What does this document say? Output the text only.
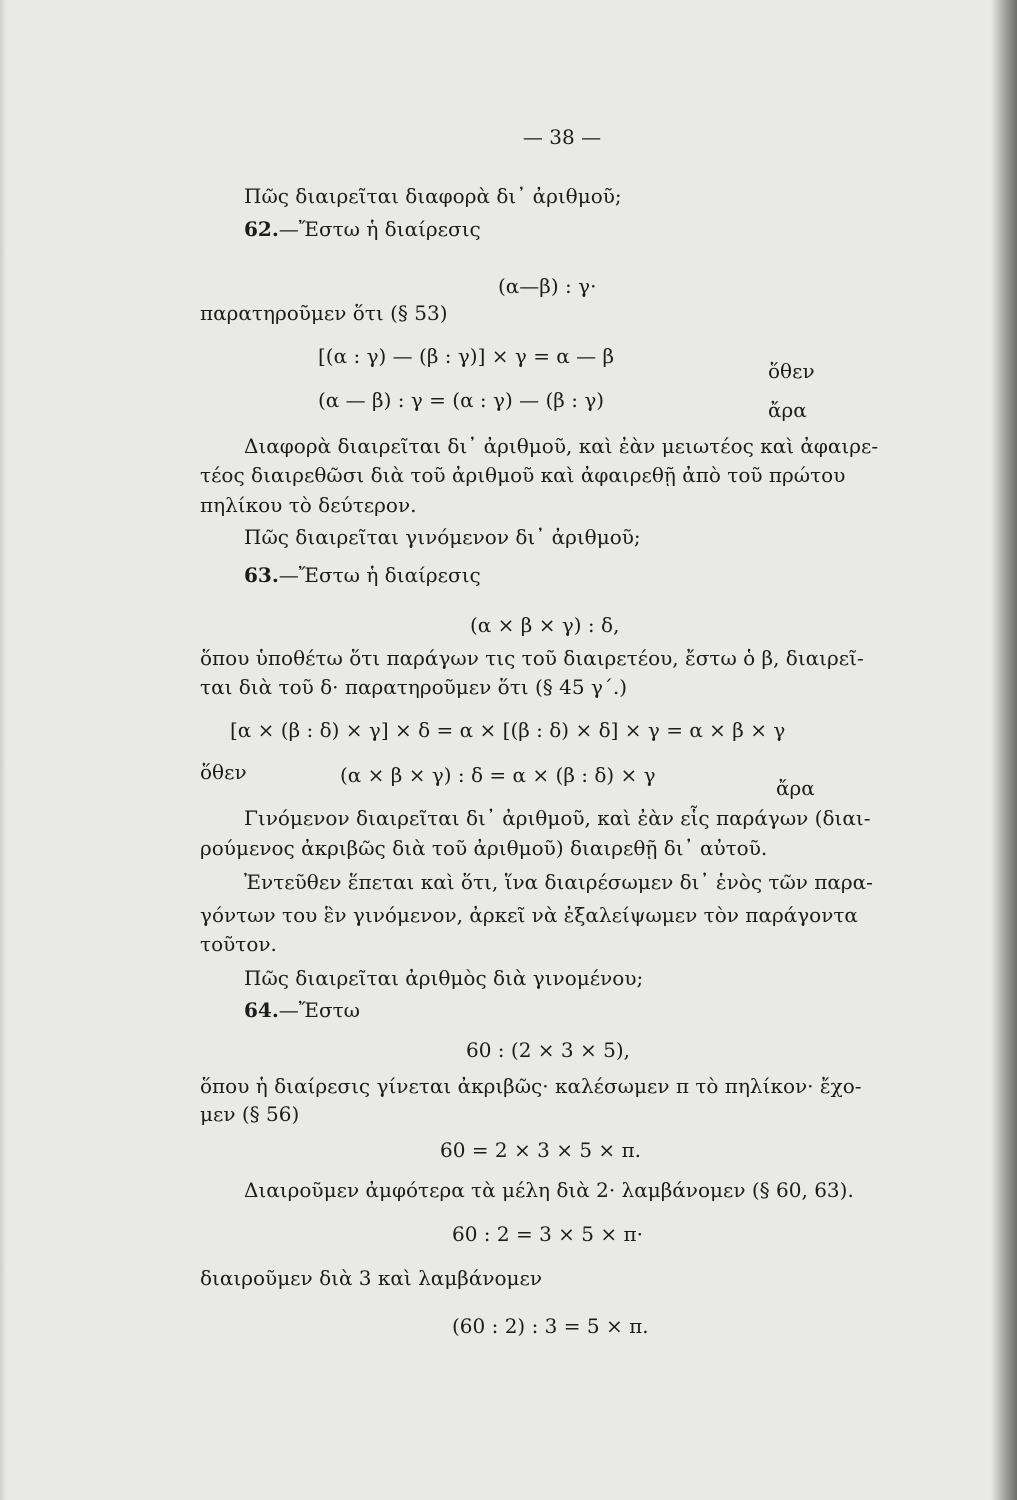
— 38 —
Πῶς διαιρεῖται διαφορὰ δι᾽ ἀριθμοῦ;
62.—Ἔστω ἡ διαίρεσις
(α—β) : γ·
παρατηροῦμεν ὅτι (§ 53)
[(α : γ) — (β : γ)] × γ = α — β
ὅθεν
(α — β) : γ = (α : γ) — (β : γ)	ἄρα
Διαφορὰ διαιρεῖται δι᾽ ἀριθμοῦ, καὶ ἐὰν μειωτέος καὶ ἀφαιρε-
τέος διαιρεθῶσι διὰ τοῦ ἀριθμοῦ καὶ ἀφαιρεθῇ ἀπὸ τοῦ πρώτου
πηλίκου τὸ δεύτερον.
Πῶς διαιρεῖται γινόμενον δι᾽ ἀριθμοῦ;
63.—Ἔστω ἡ διαίρεσις
(α × β × γ) : δ,
ὅπου ὑποθέτω ὅτι παράγων τις τοῦ διαιρετέου, ἔστω ὁ β, διαιρεῖ-
ται διὰ τοῦ δ· παρατηροῦμεν ὅτι (§ 45 γ΄.)
[α × (β : δ) × γ] × δ = α × [(β : δ) × δ] × γ = α × β × γ
ὅθεν	(α × β × γ) : δ = α × (β : δ) × γ
ἄρα
Γινόμενον διαιρεῖται δι᾽ ἀριθμοῦ, καὶ ἐὰν εἷς παράγων (διαι-
ρούμενος ἀκριβῶς διὰ τοῦ ἀριθμοῦ) διαιρεθῇ δι᾽ αὐτοῦ.
Ἐντεῦθεν ἕπεται καὶ ὅτι, ἵνα διαιρέσωμεν δι᾽ ἑνὸς τῶν παρα-
γόντων του ἓν γινόμενον, ἀρκεῖ νὰ ἐξαλείψωμεν τὸν παράγοντα
τοῦτον.
Πῶς διαιρεῖται ἀριθμὸς διὰ γινομένου;
64.—Ἔστω
60 : (2 × 3 × 5),
ὅπου ἡ διαίρεσις γίνεται ἀκριβῶς· καλέσωμεν π τὸ πηλίκον· ἔχο-
μεν (§ 56)
60 = 2 × 3 × 5 × π.
Διαιροῦμεν ἀμφότερα τὰ μέλη διὰ 2· λαμβάνομεν (§ 60, 63).
60 : 2 = 3 × 5 × π·
διαιροῦμεν διὰ 3 καὶ λαμβάνομεν
(60 : 2) : 3 = 5 × π.
